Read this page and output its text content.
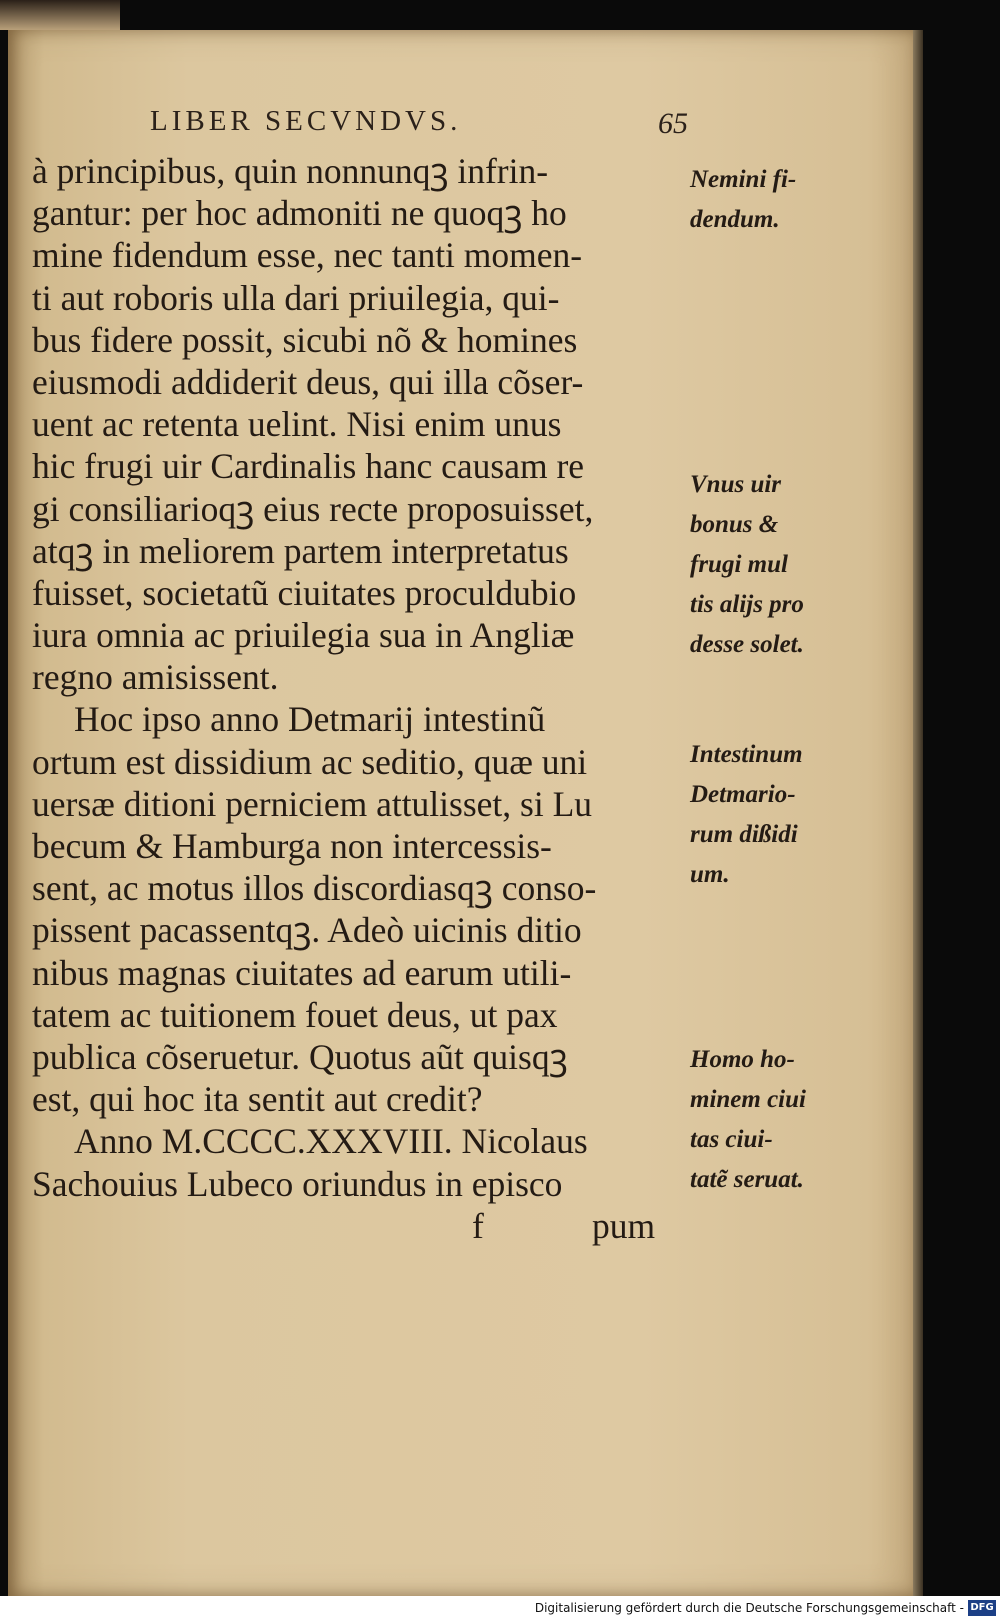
LIBER SECVNDVS.	65
à principibus, quin nonnunqꝫ infrin-
gantur: per hoc admoniti ne quoqꝫ ho
mine fidendum esse, nec tanti momen-
ti aut roboris ulla dari priuilegia, qui-
bus fidere possit, sicubi nõ & homines
eiusmodi addiderit deus, qui illa cõser-
uent ac retenta uelint. Nisi enim unus
hic frugi uir Cardinalis hanc causam re
gi consiliarioqꝫ eius recte proposuisset,
atqꝫ in meliorem partem interpretatus
fuisset, societatũ ciuitates proculdubio
iura omnia ac priuilegia sua in Angliæ
regno amisissent.
Hoc ipso anno Detmarij intestinũ
ortum est dissidium ac seditio, quæ uni
uersæ ditioni perniciem attulisset, si Lu
becum & Hamburga non intercessis-
sent, ac motus illos discordiasqꝫ conso-
pissent pacassentqꝫ. Adeò uicinis ditio
nibus magnas ciuitates ad earum utili-
tatem ac tuitionem fouet deus, ut pax
publica cõseruetur. Quotus aũt quisqꝫ
est, qui hoc ita sentit aut credit?
Anno M.CCCC.XXXVIII. Nicolaus
Sachouius Lubeco oriundus in episco
f	pum
Nemini fi-
dendum.
Vnus uir
bonus &
frugi mul
tis alijs pro
desse solet.
Intestinum
Detmario-
rum dißidi
um.
Homo ho-
minem ciui
tas ciui-
tatẽ seruat.
Digitalisierung gefördert durch die Deutsche Forschungsgemeinschaft - DFG
